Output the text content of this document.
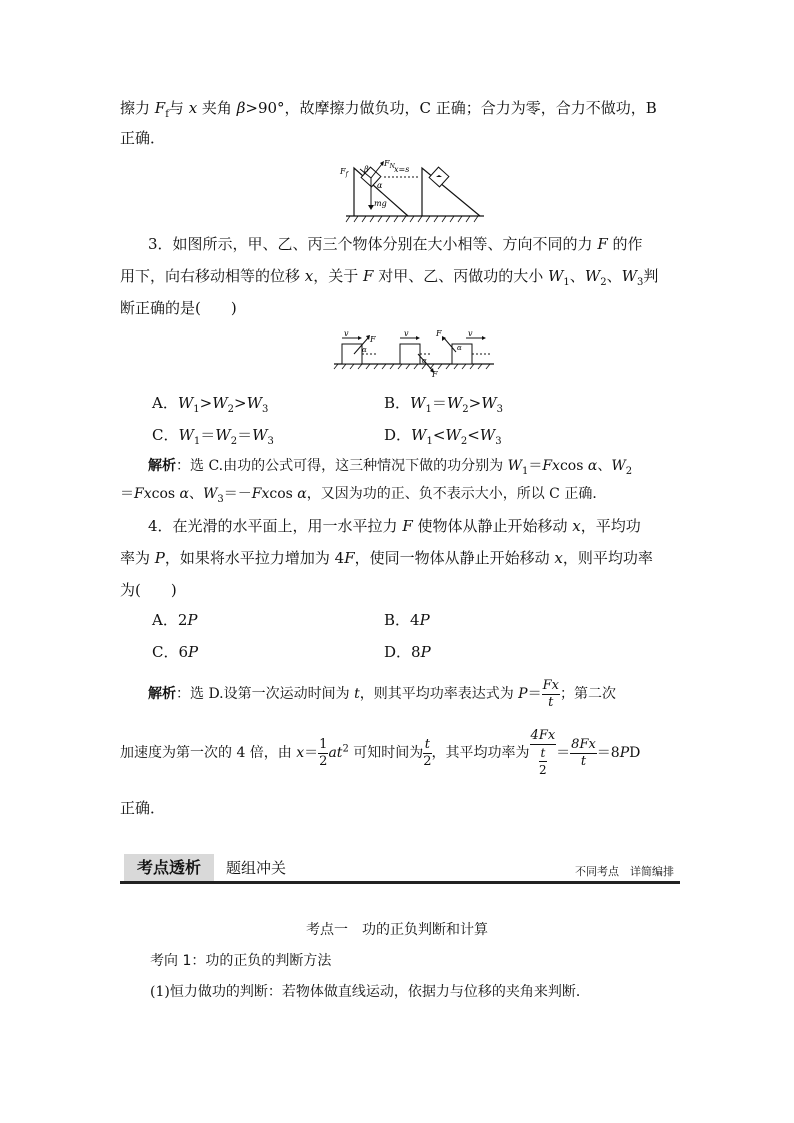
擦力 $F_f$与 x 夹角 β>90°，故摩擦力做负功，C 正确；合力为零，合力不做功，B
正确．
$F_f$
$F_N$
β
α
mg
x=s
3．如图所示，甲、乙、丙三个物体分别在大小相等、方向不同的力 F 的作
用下，向右移动相等的位移 x，关于 F 对甲、乙、丙做功的大小 $W_1$、$W_2$、$W_3$判
断正确的是(　　)
v	v	v
F
F
F
α
α
α
A．$W_1>W_2>W_3$	B．$W_1=W_2>W_3$
C．$W_1=W_2=W_3$	D．$W_1<W_2<W_3$
解析：选 C.由功的公式可得，这三种情况下做的功分别为 $W_1=Fxcos$ α、$W_2$
＝Fxcos α、$W_3=-Fxcos$ α，又因为功的正、负不表示大小，所以 C 正确．
4．在光滑的水平面上，用一水平拉力 F 使物体从静止开始移动 x，平均功
率为 P，如果将水平拉力增加为 4F，使同一物体从静止开始移动 x，则平均功率
为(　　)
A．2P	B．4P
C．6P	D．8P
解析：选 D.设第一次运动时间为 t，则其平均功率表达式为 $P= \frac{Fx}{t}$ ；第二次
加速度为第一次的 4 倍，由 $x= \frac{1}{2} at^2$ 可知时间为 $\frac{t}{2}$ ，其平均功率为 $\frac{4Fx}{\frac{t}{2}} = \frac{8Fx}{t} =8PD$
正确．
考点透析	题组冲关	不同考点　详简编排
考点一　功的正负判断和计算
考向 1：功的正负的判断方法
(1)恒力做功的判断：若物体做直线运动，依据力与位移的夹角来判断．
